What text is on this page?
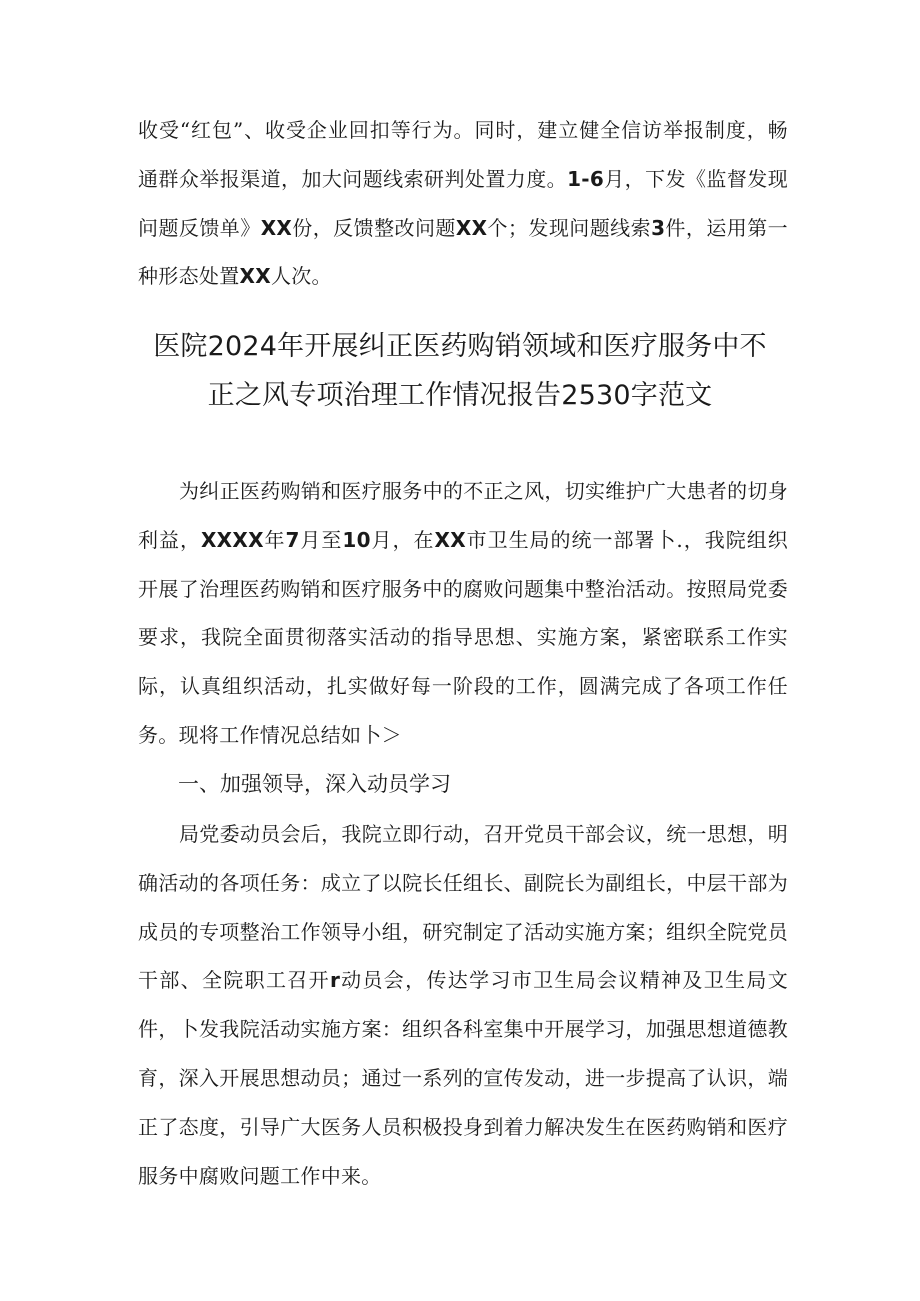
收受“红包”、收受企业回扣等行为。同时，建立健全信访举报制度，畅通群众举报渠道，加大问题线索研判处置力度。1-6月，下发《监督发现问题反馈单》XX份，反馈整改问题XX个；发现问题线索3件，运用第一种形态处置XX人次。

医院2024年开展纠正医药购销领域和医疗服务中不
正之风专项治理工作情况报告2530字范文

为纠正医药购销和医疗服务中的不正之风，切实维护广大患者的切身利益，XXXX年7月至10月，在XX市卫生局的统一部署卜.，我院组织开展了治理医药购销和医疗服务中的腐败问题集中整治活动。按照局党委要求，我院全面贯彻落实活动的指导思想、实施方案，紧密联系工作实际，认真组织活动，扎实做好每一阶段的工作，圆满完成了各项工作任务。现将工作情况总结如卜＞

一、加强领导，深入动员学习

局党委动员会后，我院立即行动，召开党员干部会议，统一思想，明确活动的各项任务：成立了以院长任组长、副院长为副组长，中层干部为成员的专项整治工作领导小组，研究制定了活动实施方案；组织全院党员干部、全院职工召开r动员会，传达学习市卫生局会议精神及卫生局文件，卜发我院活动实施方案：组织各科室集中开展学习，加强思想道德教育，深入开展思想动员；通过一系列的宣传发动，进一步提高了认识，端正了态度，引导广大医务人员积极投身到着力解决发生在医药购销和医疗服务中腐败问题工作中来。
